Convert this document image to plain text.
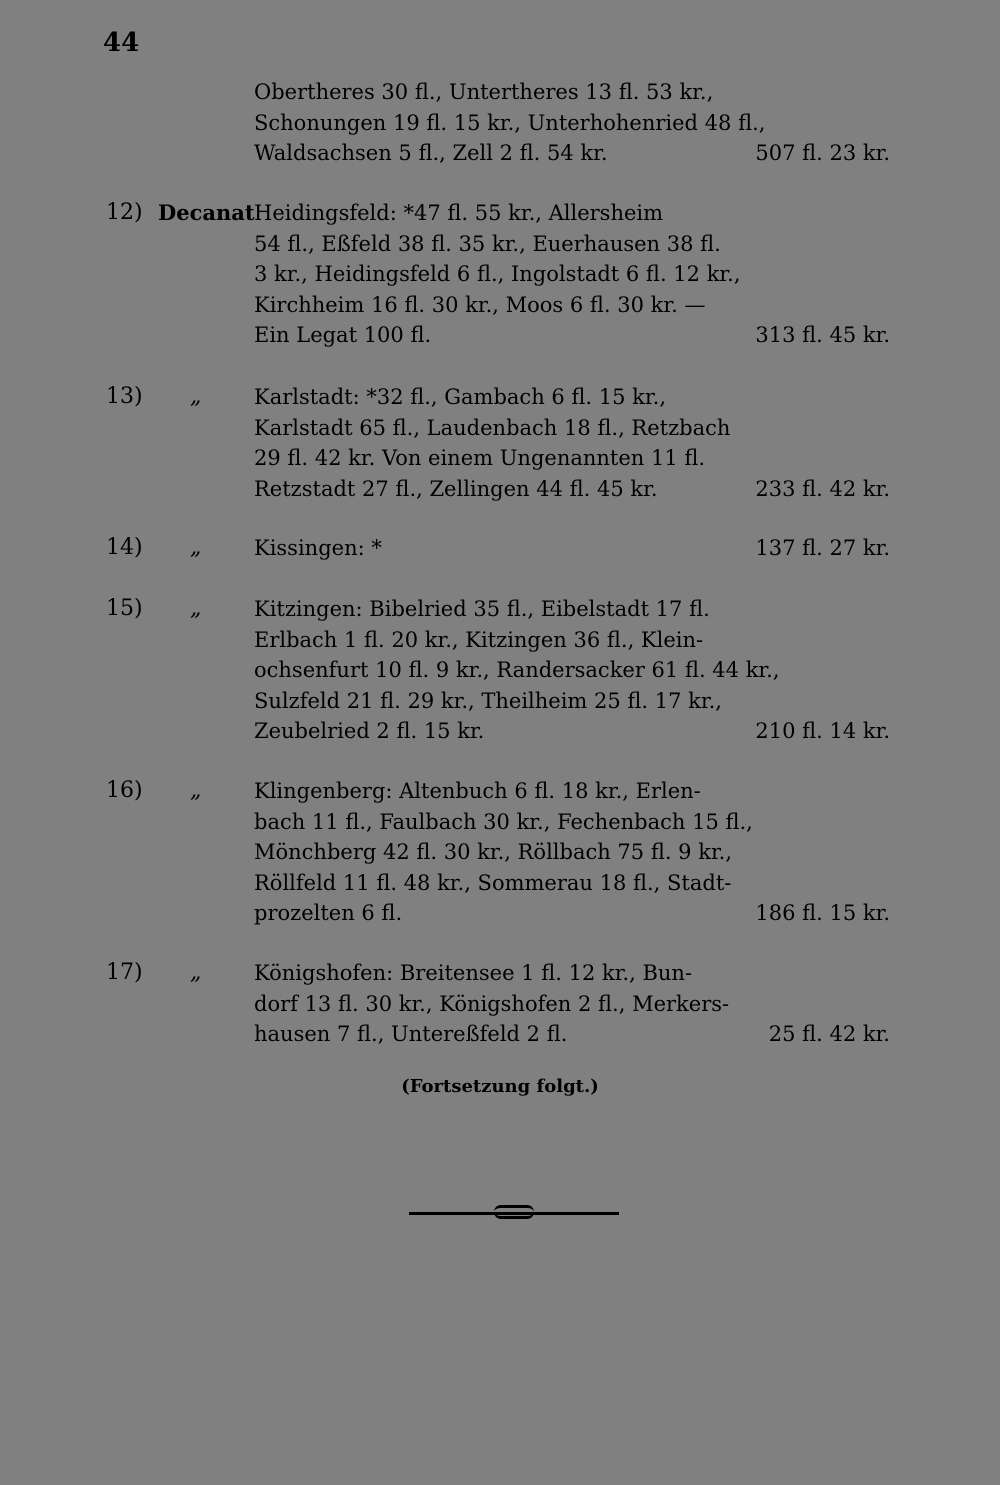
44
Obertheres 30 fl., Untertheres 13 fl. 53 kr.,
Schonungen 19 fl. 15 kr., Unterhohenried 48 fl.,
Waldsachsen 5 fl., Zell 2 fl. 54 kr.	507 fl. 23 kr.
12) Decanat Heidingsfeld: *47 fl. 55 kr., Allersheim
54 fl., Eßfeld 38 fl. 35 kr., Euerhausen 38 fl.
3 kr., Heidingsfeld 6 fl., Ingolstadt 6 fl. 12 kr.,
Kirchheim 16 fl. 30 kr., Moos 6 fl. 30 kr. —
Ein Legat 100 fl.	313 fl. 45 kr.
13) „	Karlstadt: *32 fl., Gambach 6 fl. 15 kr.,
Karlstadt 65 fl., Laudenbach 18 fl., Retzbach
29 fl. 42 kr. Von einem Ungenannten 11 fl.
Retzstadt 27 fl., Zellingen 44 fl. 45 kr.	233 fl. 42 kr.
14) „	Kissingen: *	137 fl. 27 kr.
15) „	Kitzingen: Bibelried 35 fl., Eibelstadt 17 fl.
Erlbach 1 fl. 20 kr., Kitzingen 36 fl., Klein-
ochsenfurt 10 fl. 9 kr., Randersacker 61 fl. 44 kr.,
Sulzfeld 21 fl. 29 kr., Theilheim 25 fl. 17 kr.,
Zeubelried 2 fl. 15 kr.	210 fl. 14 kr.
16) „	Klingenberg: Altenbuch 6 fl. 18 kr., Erlen-
bach 11 fl., Faulbach 30 kr., Fechenbach 15 fl.,
Mönchberg 42 fl. 30 kr., Röllbach 75 fl. 9 kr.,
Röllfeld 11 fl. 48 kr., Sommerau 18 fl., Stadt-
prozelten 6 fl.	186 fl. 15 kr.
17) „	Königshofen: Breitensee 1 fl. 12 kr., Bun-
dorf 13 fl. 30 kr., Königshofen 2 fl., Merkers-
hausen 7 fl., Untereßfeld 2 fl.	25 fl. 42 kr.
(Fortsetzung folgt.)
